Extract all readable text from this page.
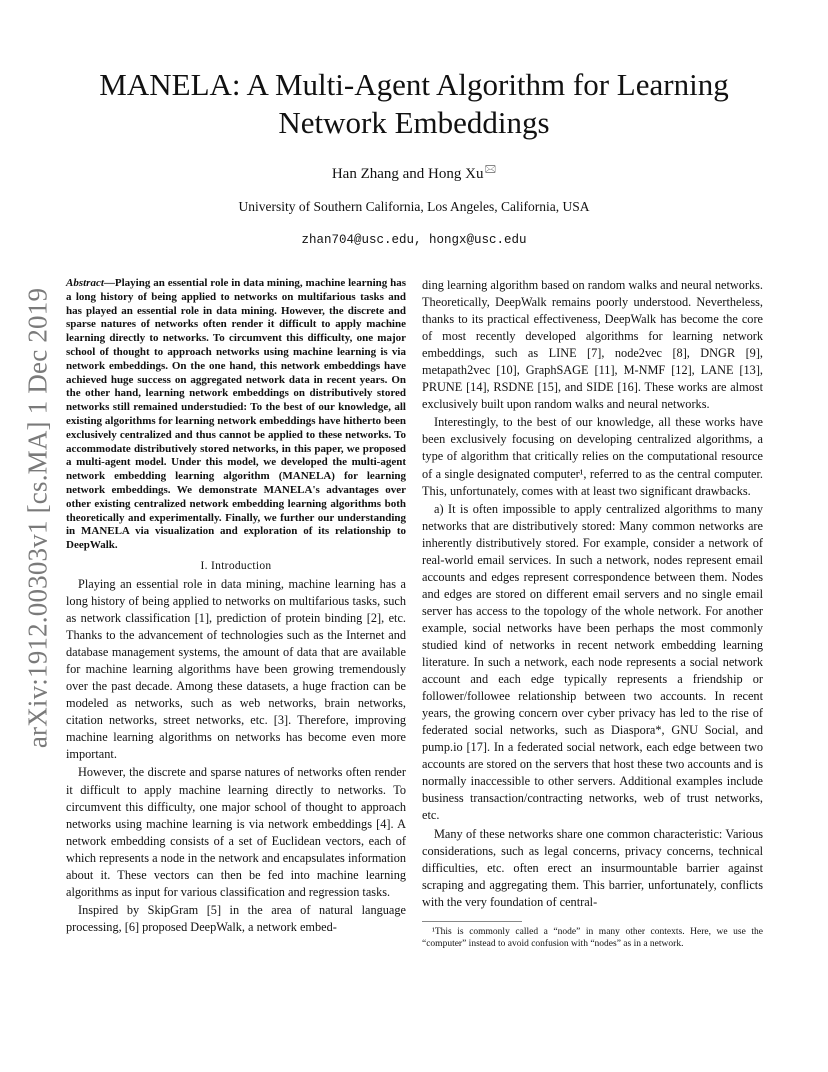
arXiv:1912.00303v1 [cs.MA] 1 Dec 2019
MANELA: A Multi-Agent Algorithm for Learning Network Embeddings
Han Zhang and Hong Xu🖂
University of Southern California, Los Angeles, California, USA
zhan704@usc.edu, hongx@usc.edu

Abstract—Playing an essential role in data mining, machine learning has a long history of being applied to networks on multifarious tasks and has played an essential role in data mining. However, the discrete and sparse natures of networks often render it difficult to apply machine learning directly to networks. To circumvent this difficulty, one major school of thought to approach networks using machine learning is via network embeddings. On the one hand, this network embeddings have achieved huge success on aggregated network data in recent years. On the other hand, learning network embeddings on distributively stored networks still remained understudied: To the best of our knowledge, all existing algorithms for learning network embeddings have hitherto been exclusively centralized and thus cannot be applied to these networks. To accommodate distributively stored networks, in this paper, we proposed a multi-agent model. Under this model, we developed the multi-agent network embedding learning algorithm (MANELA) for learning network embeddings. We demonstrate MANELA's advantages over other existing centralized network embedding learning algorithms both theoretically and experimentally. Finally, we further our understanding in MANELA via visualization and exploration of its relationship to DeepWalk.

I. Introduction

Playing an essential role in data mining, machine learning has a long history of being applied to networks on multifarious tasks, such as network classification [1], prediction of protein binding [2], etc. Thanks to the advancement of technologies such as the Internet and database management systems, the amount of data that are available for machine learning algorithms have been growing tremendously over the past decade. Among these datasets, a huge fraction can be modeled as networks, such as web networks, brain networks, citation networks, street networks, etc. [3]. Therefore, improving machine learning algorithms on networks has become even more important.

However, the discrete and sparse natures of networks often render it difficult to apply machine learning directly to networks. To circumvent this difficulty, one major school of thought to approach networks using machine learning is via network embeddings [4]. A network embedding consists of a set of Euclidean vectors, each of which represents a node in the network and encapsulates information about it. These vectors can then be fed into machine learning algorithms as input for various classification and regression tasks.

Inspired by SkipGram [5] in the area of natural language processing, [6] proposed DeepWalk, a network embed-

ding learning algorithm based on random walks and neural networks. Theoretically, DeepWalk remains poorly understood. Nevertheless, thanks to its practical effectiveness, DeepWalk has become the core of most recently developed algorithms for learning network embeddings, such as LINE [7], node2vec [8], DNGR [9], metapath2vec [10], GraphSAGE [11], M-NMF [12], LANE [13], PRUNE [14], RSDNE [15], and SIDE [16]. These works are almost exclusively built upon random walks and neural networks.

Interestingly, to the best of our knowledge, all these works have been exclusively focusing on developing centralized algorithms, a type of algorithm that critically relies on the computational resource of a single designated computer¹, referred to as the central computer. This, unfortunately, comes with at least two significant drawbacks.

a) It is often impossible to apply centralized algorithms to many networks that are distributively stored: Many common networks are inherently distributively stored. For example, consider a network of real-world email services. In such a network, nodes represent email accounts and edges represent correspondence between them. Nodes and edges are stored on different email servers and no single email server has access to the topology of the whole network. For another example, social networks have been perhaps the most commonly studied kind of networks in recent network embedding learning literature. In such a network, each node represents a social network account and each edge typically represents a friendship or follower/followee relationship between two accounts. In recent years, the growing concern over cyber privacy has led to the rise of federated social networks, such as Diaspora*, GNU Social, and pump.io [17]. In a federated social network, each edge between two accounts are stored on the servers that host these two accounts and is normally inaccessible to other servers. Additional examples include business transaction/contracting networks, web of trust networks, etc.

Many of these networks share one common characteristic: Various considerations, such as legal concerns, privacy concerns, technical difficulties, etc. often erect an insurmountable barrier against scraping and aggregating them. This barrier, unfortunately, conflicts with the very foundation of central-

¹This is commonly called a “node” in many other contexts. Here, we use the “computer” instead to avoid confusion with “nodes” as in a network.
